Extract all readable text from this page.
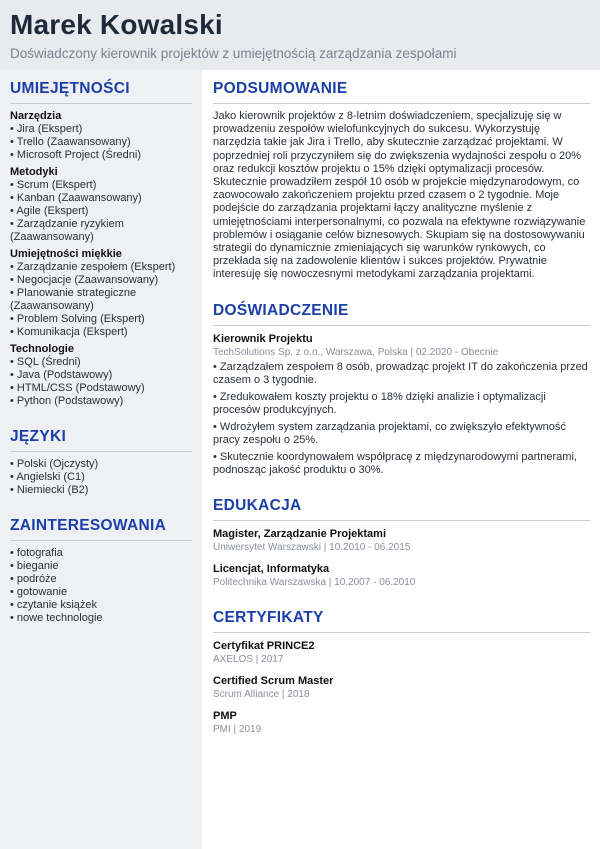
Marek Kowalski
Doświadczony kierownik projektów z umiejętnością zarządzania zespołami
UMIEJĘTNOŚCI
Narzędzia
• Jira (Ekspert)
• Trello (Zaawansowany)
• Microsoft Project (Średni)
Metodyki
• Scrum (Ekspert)
• Kanban (Zaawansowany)
• Agile (Ekspert)
• Zarządzanie ryzykiem (Zaawansowany)
Umiejętności miękkie
• Zarządzanie zespołem (Ekspert)
• Negocjacje (Zaawansowany)
• Planowanie strategiczne (Zaawansowany)
• Problem Solving (Ekspert)
• Komunikacja (Ekspert)
Technologie
• SQL (Średni)
• Java (Podstawowy)
• HTML/CSS (Podstawowy)
• Python (Podstawowy)
JĘZYKI
• Polski (Ojczysty)
• Angielski (C1)
• Niemiecki (B2)
ZAINTERESOWANIA
• fotografia
• bieganie
• podróże
• gotowanie
• czytanie książek
• nowe technologie
PODSUMOWANIE
Jako kierownik projektów z 8-letnim doświadczeniem, specjalizuję się w prowadzeniu zespołów wielofunkcyjnych do sukcesu. Wykorzystuję narzędzia takie jak Jira i Trello, aby skutecznie zarządzać projektami. W poprzedniej roli przyczyniłem się do zwiększenia wydajności zespołu o 20% oraz redukcji kosztów projektu o 15% dzięki optymalizacji procesów. Skutecznie prowadziłem zespół 10 osób w projekcie międzynarodowym, co zaowocowało zakończeniem projektu przed czasem o 2 tygodnie. Moje podejście do zarządzania projektami łączy analityczne myślenie z umiejętnościami interpersonalnymi, co pozwala na efektywne rozwiązywanie problemów i osiąganie celów biznesowych. Skupiam się na dostosowywaniu strategii do dynamicznie zmieniających się warunków rynkowych, co przekłada się na zadowolenie klientów i sukces projektów. Prywatnie interesuję się nowoczesnymi metodykami zarządzania projektami.
DOŚWIADCZENIE
Kierownik Projektu
TechSolutions Sp. z o.o., Warszawa, Polska | 02.2020 - Obecnie
• Zarządzałem zespołem 8 osób, prowadząc projekt IT do zakończenia przed czasem o 3 tygodnie.
• Zredukowałem koszty projektu o 18% dzięki analizie i optymalizacji procesów produkcyjnych.
• Wdrożyłem system zarządzania projektami, co zwiększyło efektywność pracy zespołu o 25%.
• Skutecznie koordynowałem współpracę z międzynarodowymi partnerami, podnosząc jakość produktu o 30%.
EDUKACJA
Magister, Zarządzanie Projektami
Uniwersytet Warszawski | 10.2010 - 06.2015
Licencjat, Informatyka
Politechnika Warszawska | 10.2007 - 06.2010
CERTYFIKATY
Certyfikat PRINCE2
AXELOS | 2017
Certified Scrum Master
Scrum Alliance | 2018
PMP
PMI | 2019
